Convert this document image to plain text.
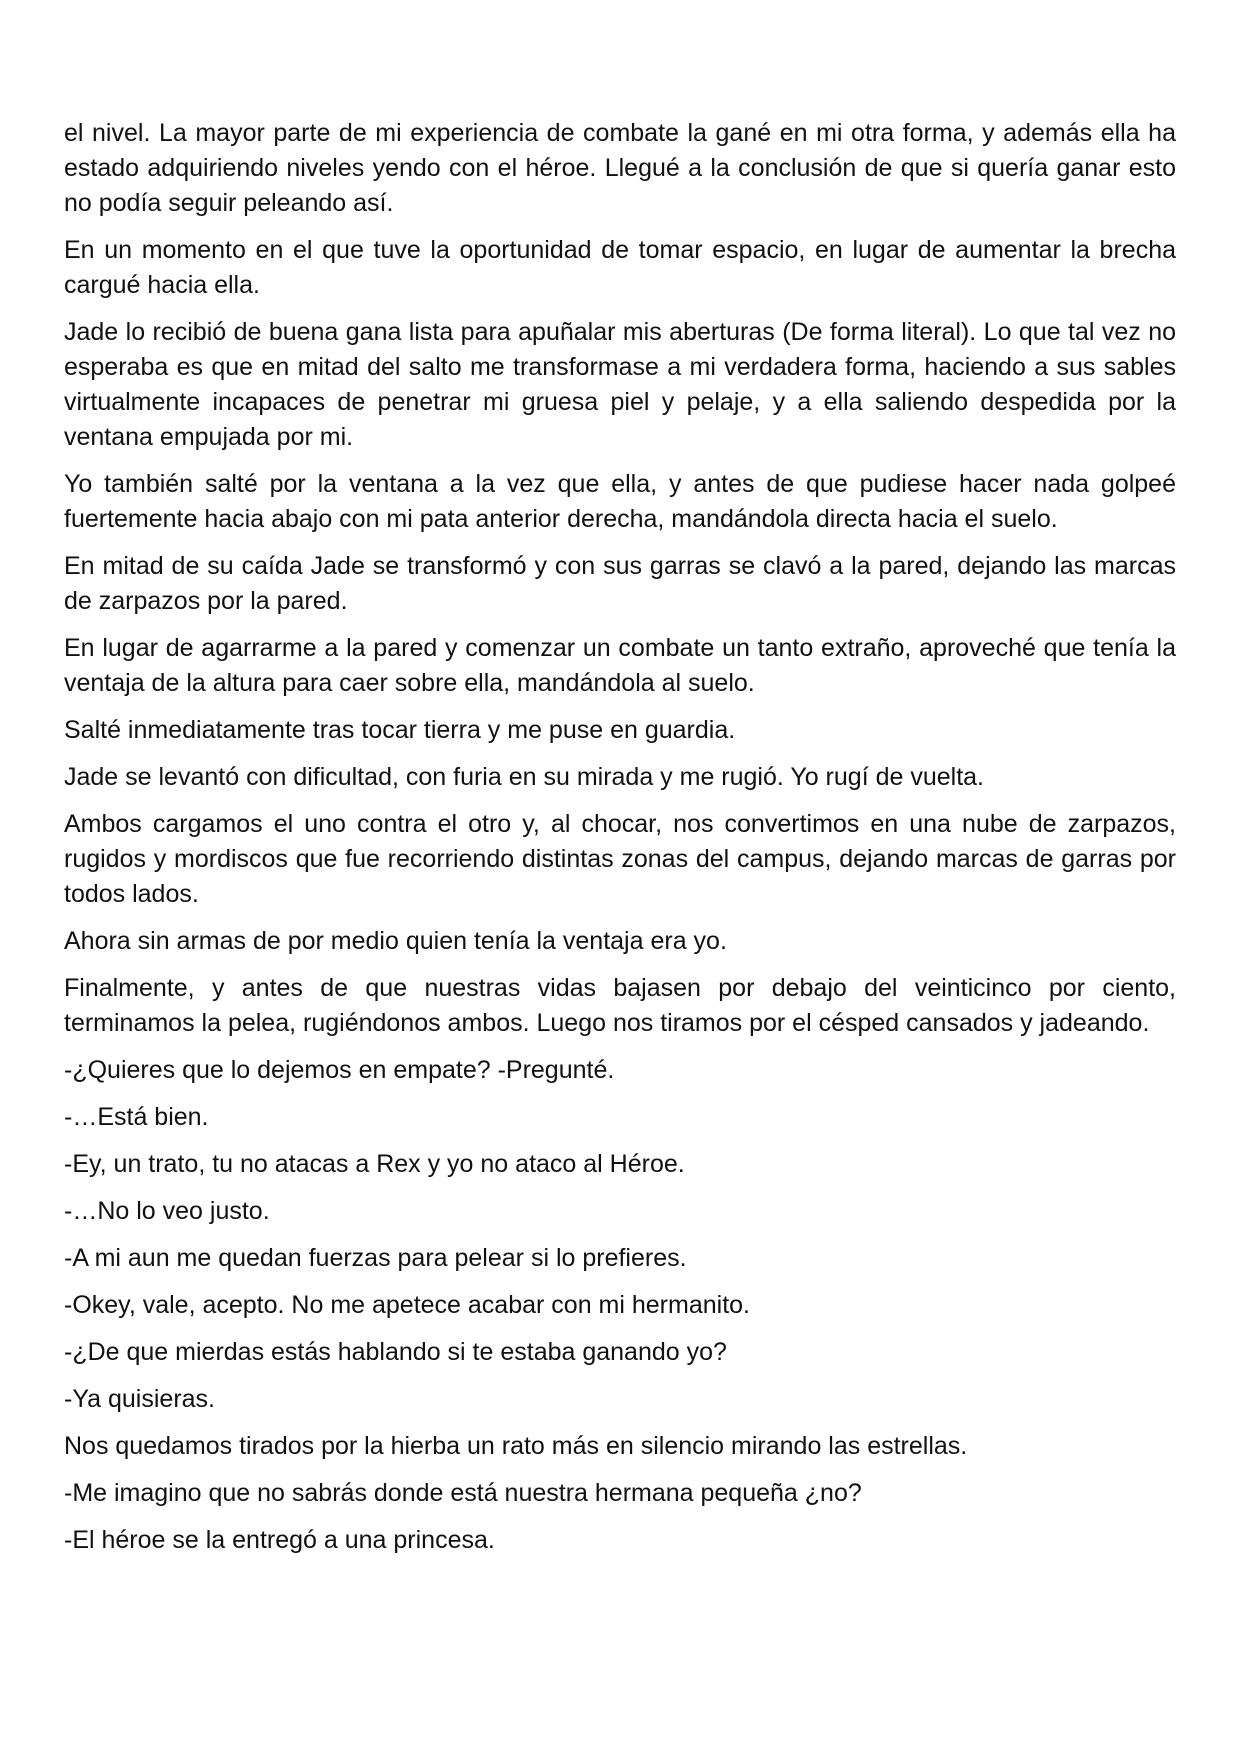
el nivel. La mayor parte de mi experiencia de combate la gané en mi otra forma, y además ella ha estado adquiriendo niveles yendo con el héroe. Llegué a la conclusión de que si quería ganar esto no podía seguir peleando así.

En un momento en el que tuve la oportunidad de tomar espacio, en lugar de aumentar la brecha cargué hacia ella.

Jade lo recibió de buena gana lista para apuñalar mis aberturas (De forma literal). Lo que tal vez no esperaba es que en mitad del salto me transformase a mi verdadera forma, haciendo a sus sables virtualmente incapaces de penetrar mi gruesa piel y pelaje, y a ella saliendo despedida por la ventana empujada por mi.

Yo también salté por la ventana a la vez que ella, y antes de que pudiese hacer nada golpeé fuertemente hacia abajo con mi pata anterior derecha, mandándola directa hacia el suelo.

En mitad de su caída Jade se transformó y con sus garras se clavó a la pared, dejando las marcas de zarpazos por la pared.

En lugar de agarrarme a la pared y comenzar un combate un tanto extraño, aproveché que tenía la ventaja de la altura para caer sobre ella, mandándola al suelo.

Salté inmediatamente tras tocar tierra y me puse en guardia.

Jade se levantó con dificultad, con furia en su mirada y me rugió. Yo rugí de vuelta.

Ambos cargamos el uno contra el otro y, al chocar, nos convertimos en una nube de zarpazos, rugidos y mordiscos que fue recorriendo distintas zonas del campus, dejando marcas de garras por todos lados.

Ahora sin armas de por medio quien tenía la ventaja era yo.

Finalmente, y antes de que nuestras vidas bajasen por debajo del veinticinco por ciento, terminamos la pelea, rugiéndonos ambos. Luego nos tiramos por el césped cansados y jadeando.

-¿Quieres que lo dejemos en empate? -Pregunté.

-…Está bien.

-Ey, un trato, tu no atacas a Rex y yo no ataco al Héroe.

-…No lo veo justo.

-A mi aun me quedan fuerzas para pelear si lo prefieres.

-Okey, vale, acepto. No me apetece acabar con mi hermanito.

-¿De que mierdas estás hablando si te estaba ganando yo?

-Ya quisieras.

Nos quedamos tirados por la hierba un rato más en silencio mirando las estrellas.

-Me imagino que no sabrás donde está nuestra hermana pequeña ¿no?

-El héroe se la entregó a una princesa.
